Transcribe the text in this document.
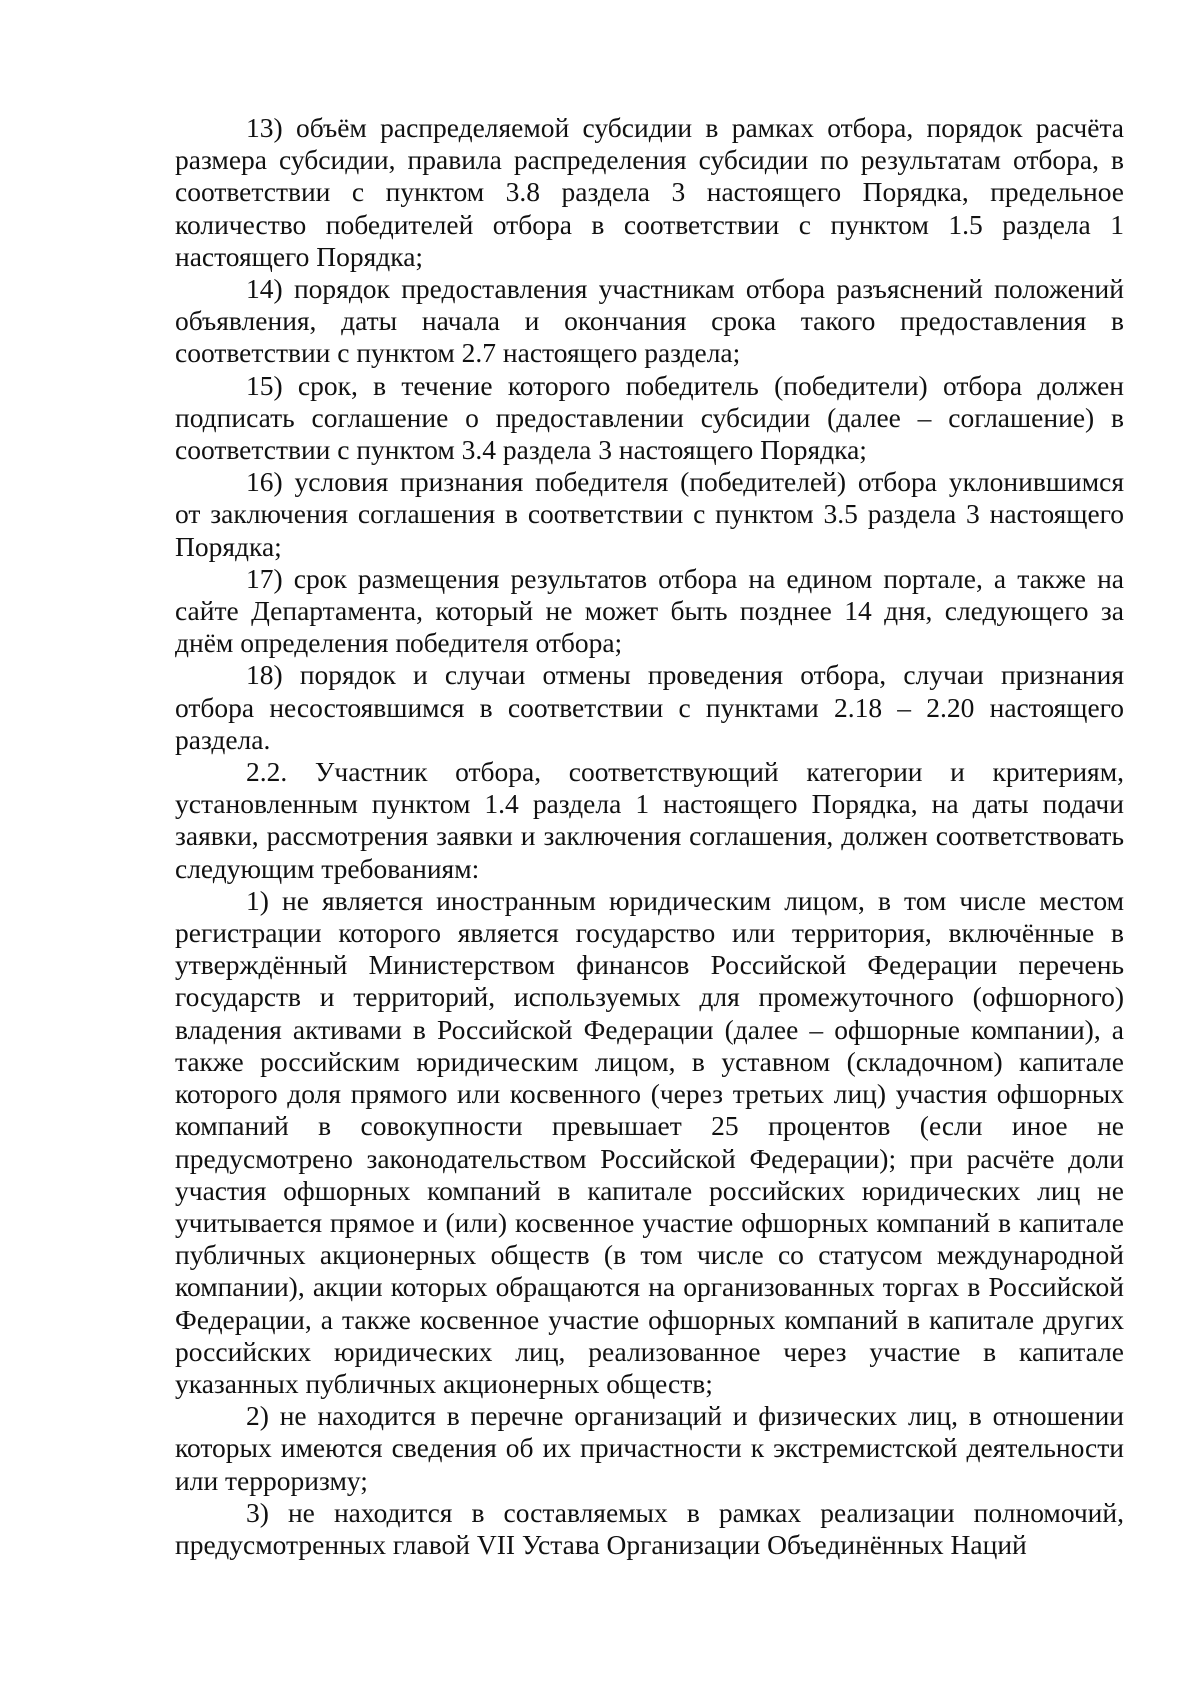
13) объём распределяемой субсидии в рамках отбора, порядок расчёта размера субсидии, правила распределения субсидии по результатам отбора, в соответствии с пунктом 3.8 раздела 3 настоящего Порядка, предельное количество победителей отбора в соответствии с пунктом 1.5 раздела 1 настоящего Порядка;

14) порядок предоставления участникам отбора разъяснений положений объявления, даты начала и окончания срока такого предоставления в соответствии с пунктом 2.7 настоящего раздела;

15) срок, в течение которого победитель (победители) отбора должен подписать соглашение о предоставлении субсидии (далее – соглашение) в соответствии с пунктом 3.4 раздела 3 настоящего Порядка;

16) условия признания победителя (победителей) отбора уклонившимся от заключения соглашения в соответствии с пунктом 3.5 раздела 3 настоящего Порядка;

17) срок размещения результатов отбора на едином портале, а также на сайте Департамента, который не может быть позднее 14 дня, следующего за днём определения победителя отбора;

18) порядок и случаи отмены проведения отбора, случаи признания отбора несостоявшимся в соответствии с пунктами 2.18 – 2.20 настоящего раздела.

2.2. Участник отбора, соответствующий категории и критериям, установленным пунктом 1.4 раздела 1 настоящего Порядка, на даты подачи заявки, рассмотрения заявки и заключения соглашения, должен соответствовать следующим требованиям:

1) не является иностранным юридическим лицом, в том числе местом регистрации которого является государство или территория, включённые в утверждённый Министерством финансов Российской Федерации перечень государств и территорий, используемых для промежуточного (офшорного) владения активами в Российской Федерации (далее – офшорные компании), а также российским юридическим лицом, в уставном (складочном) капитале которого доля прямого или косвенного (через третьих лиц) участия офшорных компаний в совокупности превышает 25 процентов (если иное не предусмотрено законодательством Российской Федерации); при расчёте доли участия офшорных компаний в капитале российских юридических лиц не учитывается прямое и (или) косвенное участие офшорных компаний в капитале публичных акционерных обществ (в том числе со статусом международной компании), акции которых обращаются на организованных торгах в Российской Федерации, а также косвенное участие офшорных компаний в капитале других российских юридических лиц, реализованное через участие в капитале указанных публичных акционерных обществ;

2) не находится в перечне организаций и физических лиц, в отношении которых имеются сведения об их причастности к экстремистской деятельности или терроризму;

3) не находится в составляемых в рамках реализации полномочий, предусмотренных главой VII Устава Организации Объединённых Наций
